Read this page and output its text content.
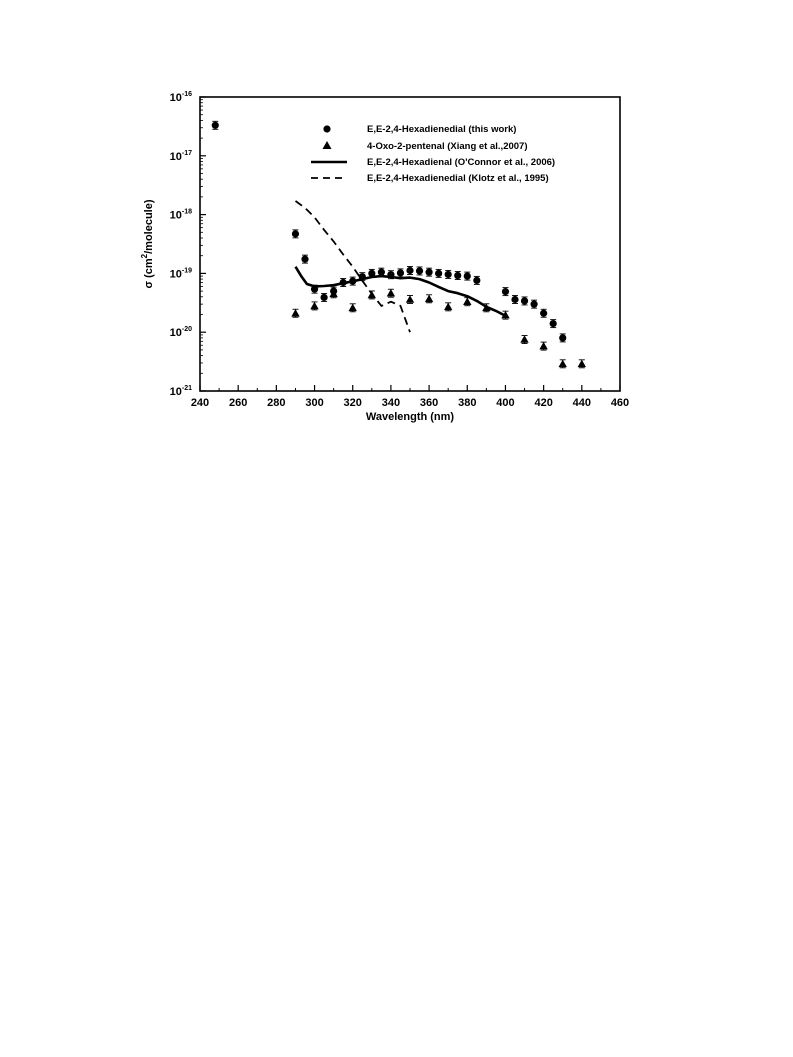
240 260 280 300 320 340 360 380 400 420 440 460
$10^{-16}$
$10^{-17}$
$10^{-18}$
$10^{-19}$
$10^{-20}$
$10^{-21}$
Wavelength (nm)
σ $(cm^2/molecule)$
E,E-2,4-Hexadienedial (this work)
4-Oxo-2-pentenal (Xiang et al.,2007)
E,E-2,4-Hexadienal (O'Connor et al., 2006)
E,E-2,4-Hexadienedial (Klotz et al., 1995)
